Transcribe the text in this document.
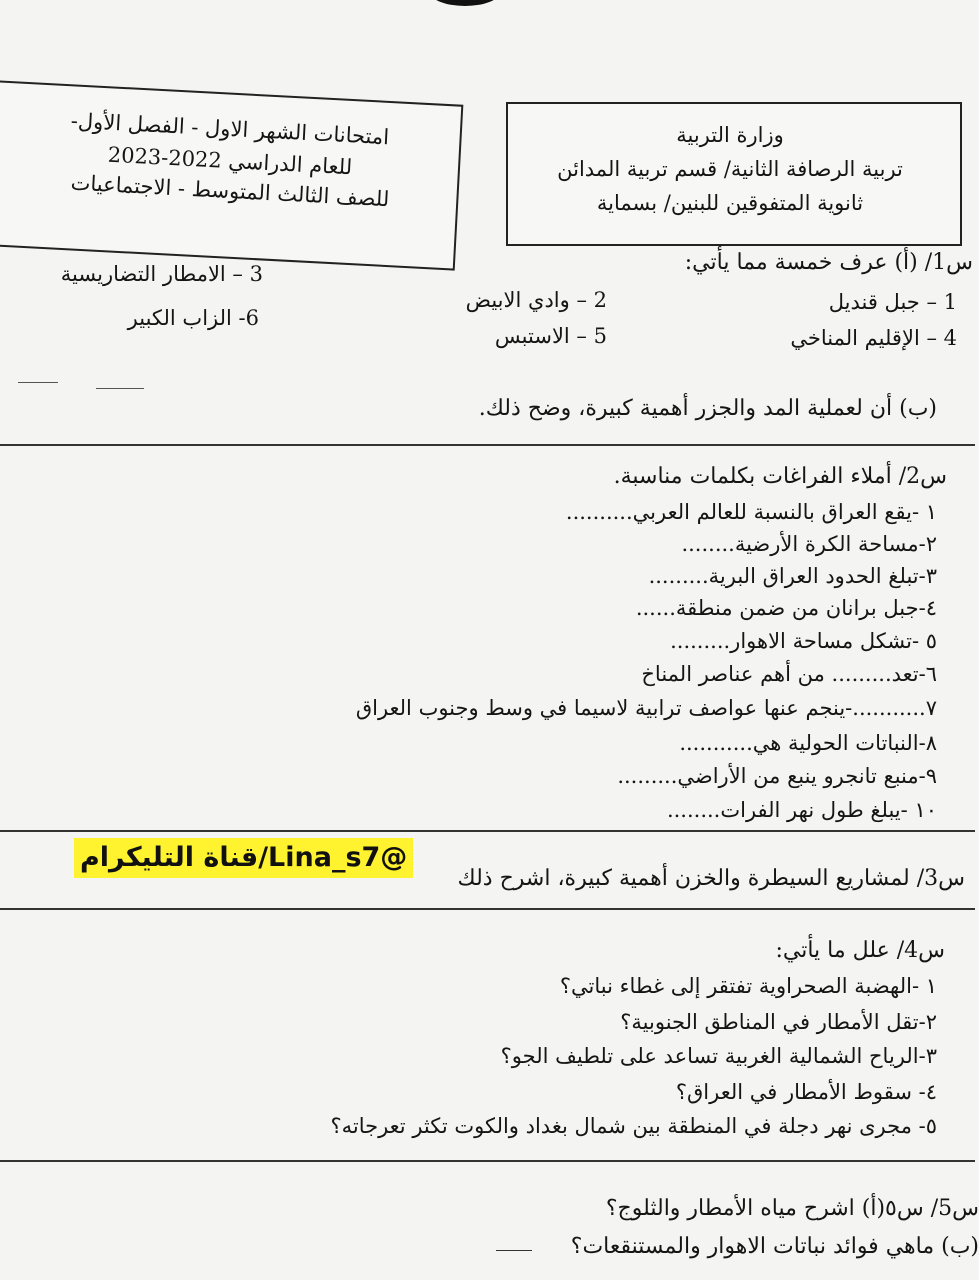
وزارة التربية
تربية الرصافة الثانية/ قسم تربية المدائن
ثانوية المتفوقين للبنين/ بسماية
امتحانات الشهر الاول - الفصل الأول-
للعام الدراسي 2022-2023
للصف الثالث المتوسط - الاجتماعيات
س1/ (أ) عرف خمسة مما يأتي:
1 – جبل قنديل
2 – وادي الابيض
3 – الامطار التضاريسية
4 – الإقليم المناخي
5 – الاستبس
6- الزاب الكبير
(ب) أن لعملية المد والجزر أهمية كبيرة، وضح ذلك.
س2/ أملاء الفراغات بكلمات مناسبة.
١ -يقع العراق بالنسبة للعالم العربي..........
٢-مساحة الكرة الأرضية........
٣-تبلغ الحدود العراق البرية.........
٤-جبل برانان من ضمن منطقة......
٥ -تشكل مساحة الاهوار.........
٦-تعد......... من أهم عناصر المناخ
٧...........-ينجم عنها عواصف ترابية لاسيما في وسط وجنوب العراق
٨-النباتات الحولية هي...........
٩-منبع تانجرو ينبع من الأراضي.........
١٠ -يبلغ طول نهر الفرات........
س3/ لمشاريع السيطرة والخزن أهمية كبيرة، اشرح ذلك
قناة التليكرام/Lina_s7@
س4/ علل ما يأتي:
١ -الهضبة الصحراوية تفتقر إلى غطاء نباتي؟
٢-تقل الأمطار في المناطق الجنوبية؟
٣-الرياح الشمالية الغربية تساعد على تلطيف الجو؟
٤- سقوط الأمطار في العراق؟
٥- مجرى نهر دجلة في المنطقة بين شمال بغداد والكوت تكثر تعرجاته؟
س5/ س٥(أ) اشرح مياه الأمطار والثلوج؟
(ب) ماهي فوائد نباتات الاهوار والمستنقعات؟
